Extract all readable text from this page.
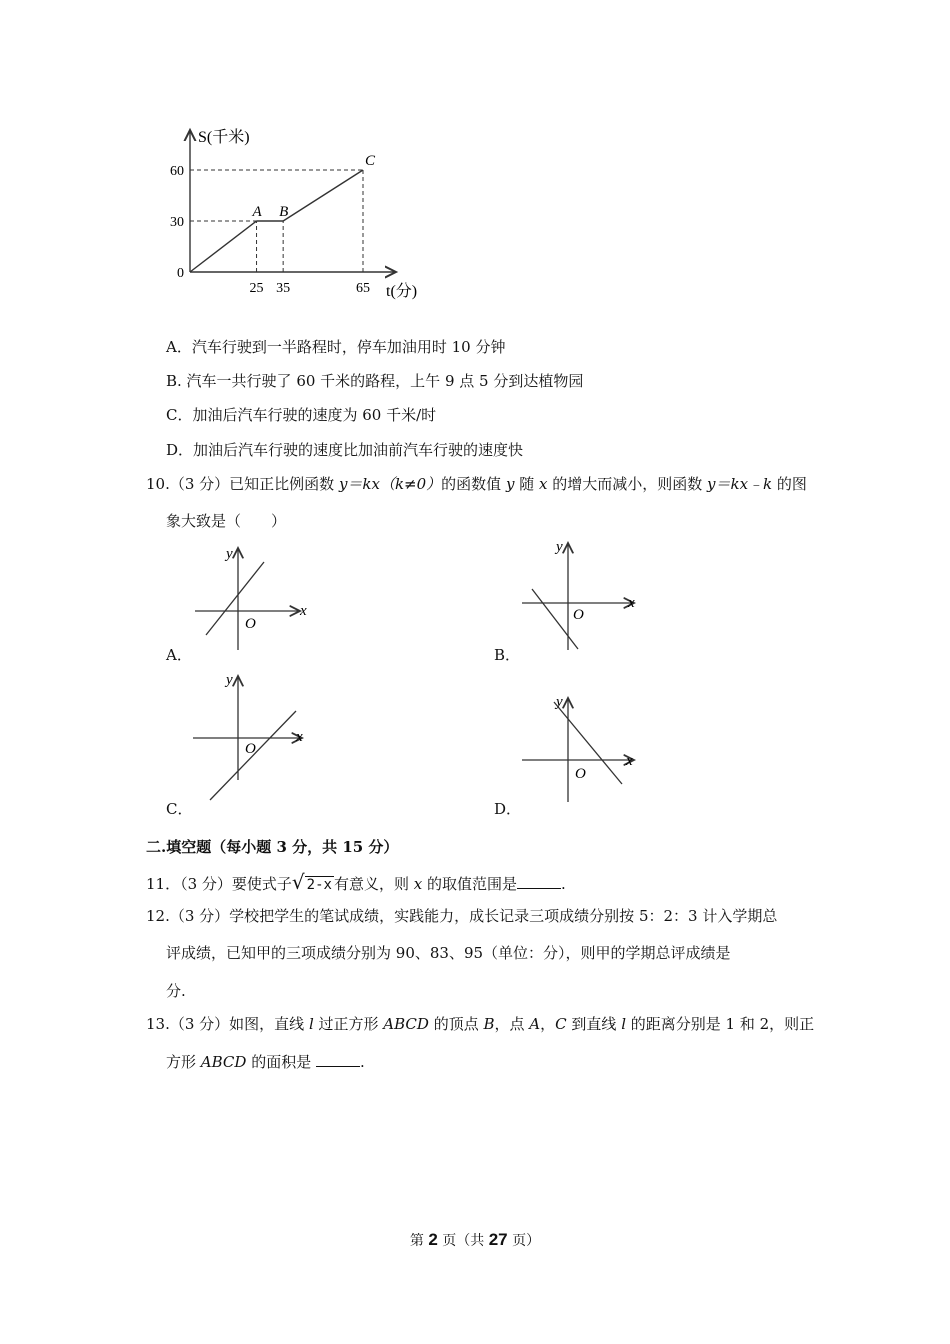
S(千米)
t(分)
0
30
60
25 35	65
A B
C
A．汽车行驶到一半路程时，停车加油用时 10 分钟
B. 汽车一共行驶了 60 千米的路程，上午 9 点 5 分到达植物园
C．加油后汽车行驶的速度为 60 千米/时
D．加油后汽车行驶的速度比加油前汽车行驶的速度快
10.（3 分）已知正比例函数 y＝kx（k≠0）的函数值 y 随 x 的增大而减小，则函数 y＝kx﹣k 的图
象大致是（　　）
x
y
O
A．
x
y
O
B．
x
y
O
C．
x
y
O
D．
二.填空题（每小题 3 分，共 15 分）
11．（3 分）要使式子√ 2-x 有意义，则 x 的取值范围是	.
12.（3 分）学校把学生的笔试成绩，实践能力，成长记录三项成绩分别按 5：2：3 计入学期总
评成绩，已知甲的三项成绩分别为 90、83、95（单位：分），则甲的学期总评成绩是
分.
13.（3 分）如图，直线 l 过正方形 ABCD 的顶点 B，点 A，C 到直线 l 的距离分别是 1 和 2，则正
方形 ABCD 的面积是	.
第 2 页（共 27 页）
